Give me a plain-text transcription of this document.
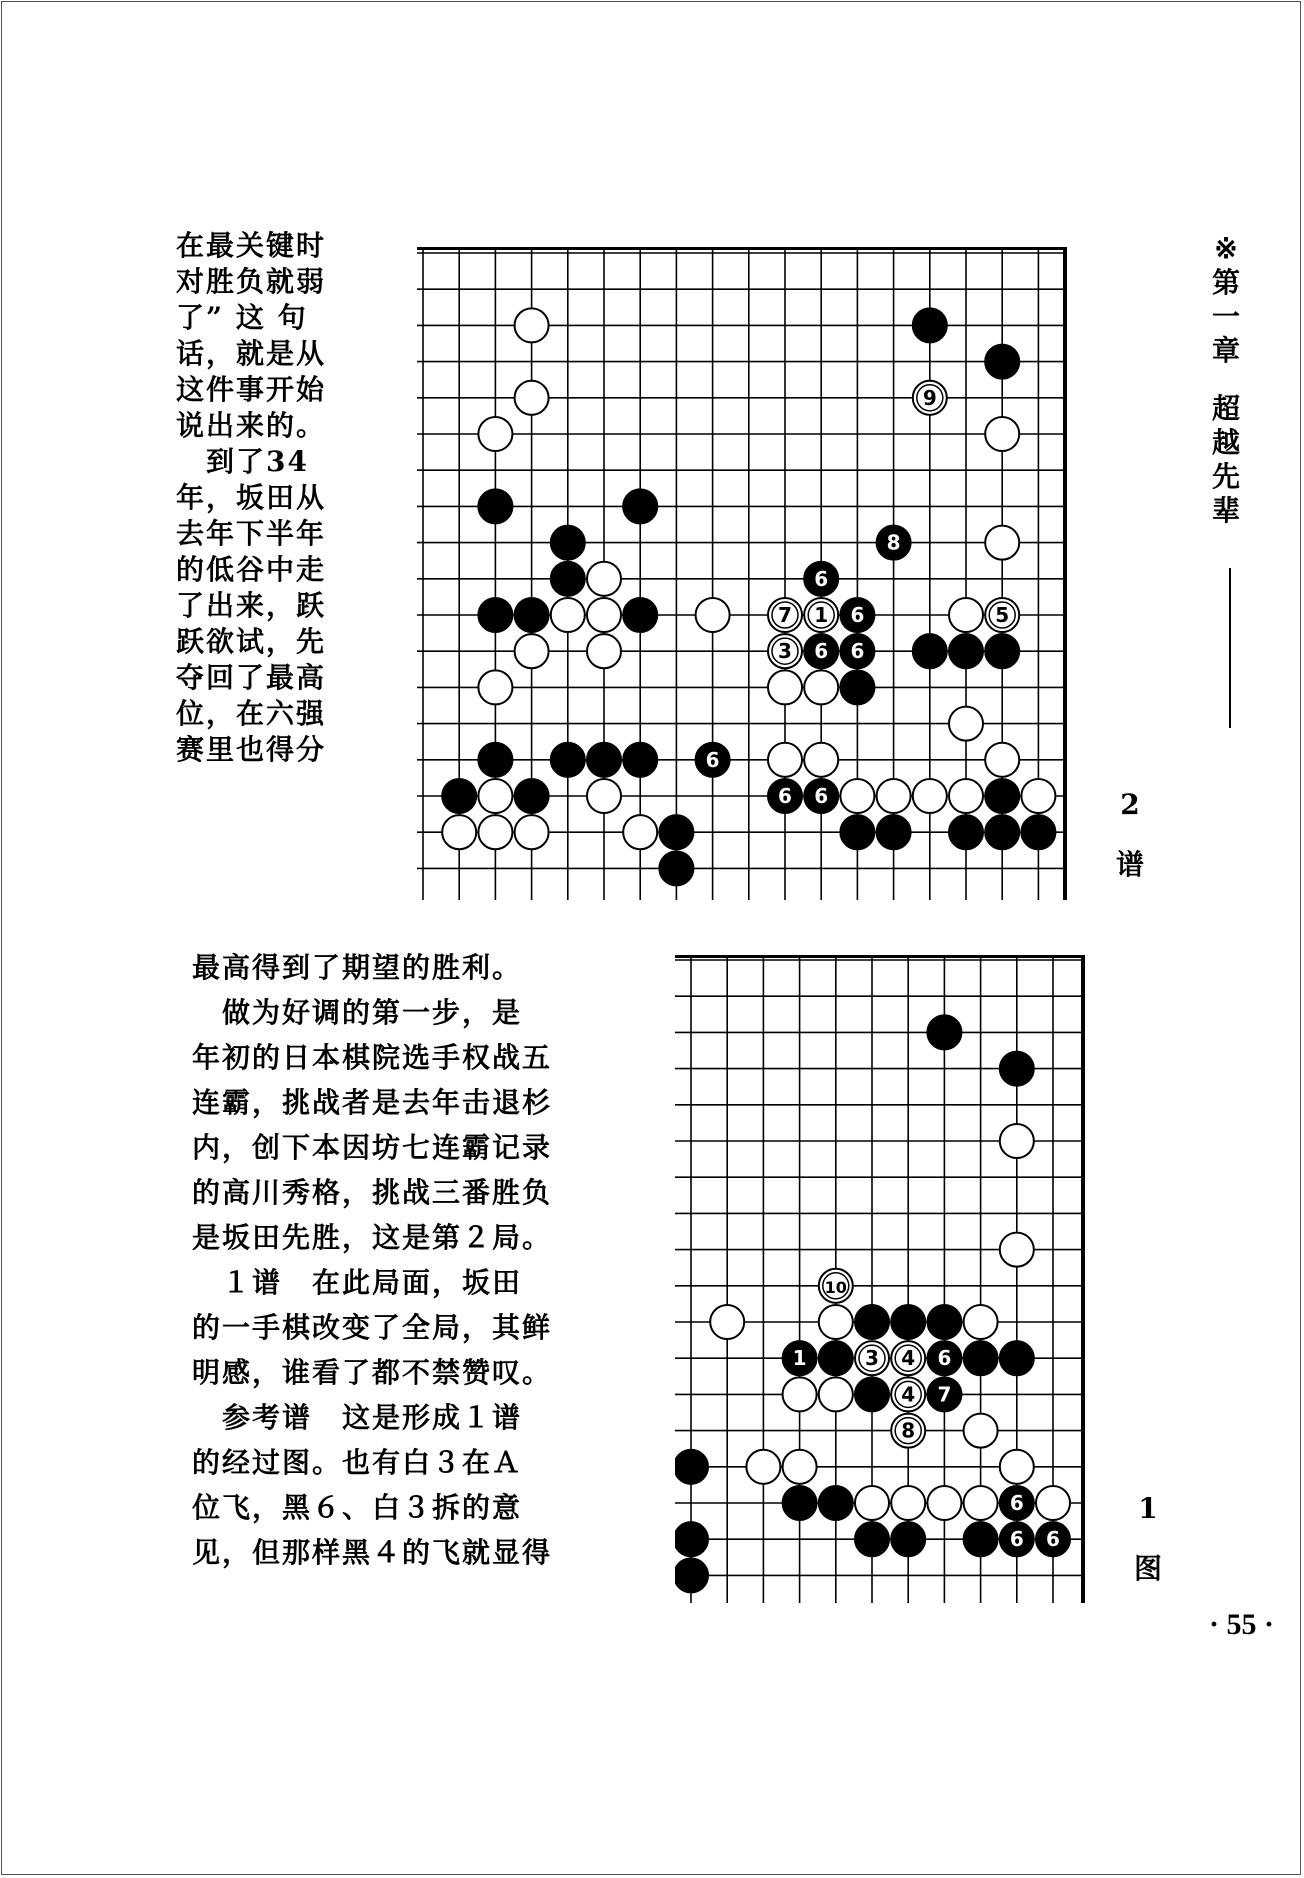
在最关键时

对胜负就弱

了” 这 句

话，就是从

这件事开始

说出来的。

　到了34

年，坂田从

去年下半年

的低谷中走

了出来，跃

跃欲试，先

夺回了最高

位，在六强

赛里也得分

最高得到了期望的胜利。

　做为好调的第一步，是

年初的日本棋院选手权战五

连霸，挑战者是去年击退杉

内，创下本因坊七连霸记录

的高川秀格，挑战三番胜负

是坂田先胜，这是第２局。

　１谱　在此局面，坂田

的一手棋改变了全局，其鲜

明感，谁看了都不禁赞叹。

　参考谱　这是形成１谱

的经过图。也有白３在Ａ

位飞，黑６、白３拆的意

见，但那样黑４的飞就显得

9
8
6
7 1 6	5
3 6 6
6
6 6
10
1	3 4 6
4 7
8
6
6 6
※
第
一
章
超
越
先
辈
2
谱
1
图
· 55 ·
